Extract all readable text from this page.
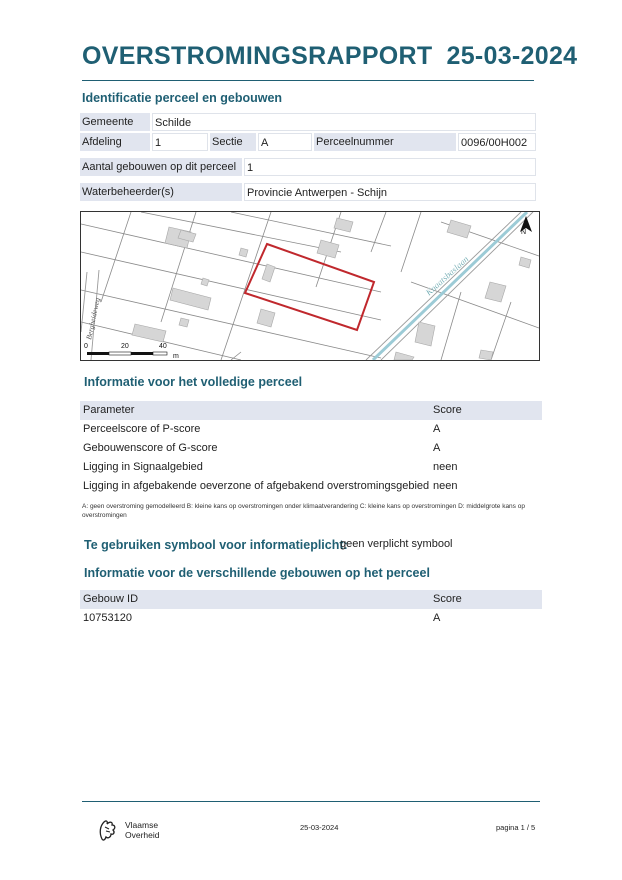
OVERSTROMINGSRAPPORT 25-03-2024
Identificatie perceel en gebouwen
Gemeente	Schilde
Afdeling	1	Sectie	A	Perceelnummer	0096/00H002
Aantal gebouwen op dit perceel 1
Waterbeheerder(s)	Provincie Antwerpen - Schijn
Knaatsbaslaan
Bergheideweg
N
0	20	40
m
Informatie voor het volledige perceel
Parameter	Score
Perceelscore of P-score	A
Gebouwenscore of G-score	A
Ligging in Signaalgebied	neen
Ligging in afgebakende oeverzone of afgebakend overstromingsgebied neen
A: geen overstroming gemodelleerd B: kleine kans op overstromingen onder klimaatverandering C: kleine kans op overstromingen D: middelgrote kans op overstromingen
Te gebruiken symbool voor informatieplicht:
geen verplicht symbool
Informatie voor de verschillende gebouwen op het perceel
Gebouw ID	Score
10753120	A
Vlaamse
Overheid
25-03-2024	pagina 1 / 5
